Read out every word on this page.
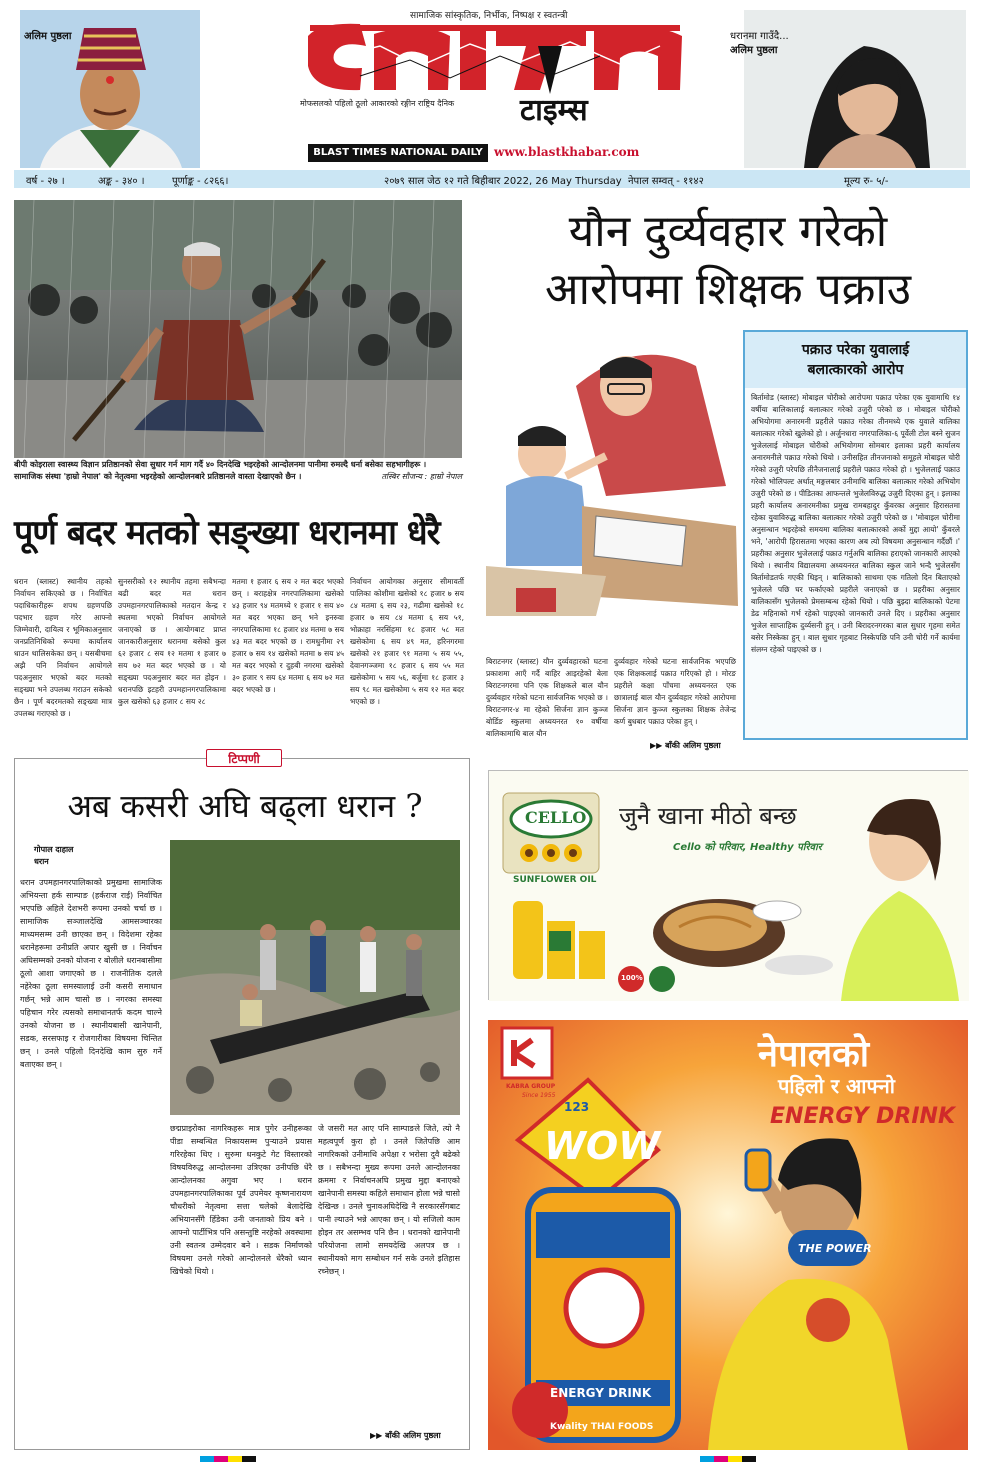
अलिम पुष्ठला
सामाजिक सांस्कृतिक, निर्भीक, निष्पक्ष र स्वतन्त्री
मोफसलको पहिलो ठूलो आकारको रङ्गीन राष्ट्रिय दैनिक टाइम्स
BLAST TIMES NATIONAL DAILY www.blastkhabar.com
धरानमा गाउँदै...
अलिम पुष्ठला
वर्ष - २७ ।	अङ्क - ३४० ।	पूर्णाङ्क - ८२६६।	२०७९ साल जेठ १२ गते बिहीबार 2022, 26 May Thursday नेपाल सम्वत् - ११४२	मूल्य रु- ५/-
बीपी कोइराला स्वास्थ्य विज्ञान प्रतिष्ठानको सेवा सुधार गर्न माग गर्दै ४० दिनदेखि भइरहेको आन्दोलनमा पानीमा रुमल्दै धर्ना बसेका सहभागीहरू ।
सामाजिक संस्था 'हाम्रो नेपाल' को नेतृत्वमा भइरहेको आन्दोलनबारे प्रतिष्ठानले वास्ता देखाएको छैन ।	तस्बिर सौजन्य : हाम्रो नेपाल
यौन दुर्व्यवहार गरेको
आरोपमा शिक्षक पक्राउ
पक्राउ परेका युवालाई
बलात्कारको आरोप
बिर्तामोड (ब्लास्ट) मोबाइल चोरीको आरोपमा पक्राउ परेका एक युवामाथि १४ वर्षीया बालिकालाई बलात्कार गरेको उजुरी परेको छ । मोबाइल चोरीको अभियोगमा अनारमनी प्रहरीले पक्राउ गरेका तीनमध्ये एक युवाले बालिका बलात्कार गरेको खुलेको हो । अर्जुनधारा नगरपालिका-६ पूर्वेली टोल बस्ने सुजन भुजेललाई मोबाइल चोरीको अभियोगमा सोमबार इलाका प्रहरी कार्यालय अनारमनीले पक्राउ गरेको थियो । उनीसहित तीनजनाको समूहले मोबाइल चोरी गरेको उजुरी परेपछि तीनैजनालाई प्रहरीले पक्राउ गरेको हो । भुजेललाई पक्राउ गरेको भोलिपल्ट अर्थात् मङ्गलबार उनीमाथि बालिका बलात्कार गरेको अभियोग उजुरी परेको छ । पीडितका आफन्तले भुजेलविरुद्ध उजुरी दिएका हुन् । इलाका प्रहरी कार्यालय अनारमनीका प्रमुख रामबहादुर कुँवरका अनुसार हिरासतमा रहेका युवाविरुद्ध बालिका बलात्कार गरेको उजुरी परेको छ । 'मोबाइल चोरीमा अनुसन्धान भइरहेको समयमा बालिका बलात्कारको अर्को मुद्दा आयो' कुँवरले भने, 'आरोपी हिरासतमा भएका कारण अब त्यो विषयमा अनुसन्धान गर्दैछौं ।' प्रहरीका अनुसार भुजेललाई पक्राउ गर्नुअघि बालिका हराएको जानकारी आएको थियो । स्थानीय विद्यालयमा अध्ययनरत बालिका स्कुल जाने भन्दै भुजेलसँग बिर्तामोडतर्फ गएकी थिइन् । बालिकाको साथमा एक गतिलो दिन बिताएको भुजेलले पछि घर फर्काएको प्रहरीले जनाएको छ । प्रहरीका अनुसार बालिकासँग भुजेलको प्रेमसम्बन्ध रहेको थियो । पछि बुझ्दा बालिकाको पेटमा डेढ महिनाको गर्भ रहेको पाइएको जानकारी उनले दिए । प्रहरीका अनुसार भुजेल साप्ताहिक दुर्व्यसनी हुन् । उनी बिरादरनगरका बाल सुधार गृहमा समेत बसेर निस्केका हुन् । बाल सुधार गृहबाट निस्केपछि पनि उनी चोरी गर्ने कार्यमा संलग्न रहेको पाइएको छ ।
पूर्ण बदर मतको सङ्ख्या धरानमा धेरै
धरान (ब्लास्ट) स्थानीय तहको निर्वाचन सकिएको छ । निर्वाचित पदाधिकारीहरू शपथ ग्रहणपछि पदभार ग्रहण गरेर आफ्नो जिम्मेवारी, दायित्व र भूमिकाअनुसार जनप्रतिनिधिको रूपमा कार्यालय धाउन थालिसकेका छन् । यसबीचमा अझै पनि निर्वाचन आयोगले पदअनुसार भएको बदर मतको सङ्ख्या भने उपलब्ध गराउन सकेको छैन । पूर्ण बदरमतको सङ्ख्या मात्र उपलब्ध गराएको छ ।
सुनसरीको १२ स्थानीय तहमा सबैभन्दा बढी बदर मत धरान उपमहानगरपालिकाको मतदान केन्द्र र स्थलमा भएको निर्वाचन आयोगले जनाएको छ । आयोगबाट प्राप्त जानकारीअनुसार धरानमा बसेको कुल ६२ हजार ८ सय १२ मतमा १ हजार ७ सय ७२ मत बदर भएको छ । यो सङ्ख्या पदअनुसार बदर मत होइन । धरानपछि इटहरी उपमहानगरपालिकामा कुल खसेको ६३ हजार ८ सय २८
मतमा १ हजार ६ सय २ मत बदर भएको छन् । बराहक्षेत्र नगरपालिकामा खसेको ४३ हजार ९४ मतमध्ये १ हजार १ सय ४० मत बदर भएका छन् भने इनरुवा नगरपालिकामा १८ हजार ४४ मतमा ७ सय ४३ मत बदर भएको छ । रामधुनीमा २९ हजार ७ सय १४ खसेको मतमा ७ सय ४५ मत बदर भएको र दुहबी नगरमा खसेको ३० हजार ९ सय ६४ मतमा ६ सय ७२ मत बदर भएको छ ।
निर्वाचन आयोगका अनुसार सीमावर्ती पालिका कोशीमा खसेको १८ हजार ७ सय ८४ मतमा ६ सय २३, गढीमा खसेको १८ हजार ७ सय ८४ मतमा ६ सय ५१, भोक्राहा नरसिंहमा १८ हजार ५८ मत खसेकोमा ६ सय ४९ मत, हरिनगरमा खसेको २१ हजार ९१ मतमा ५ सय ५५, देवानगञ्जमा १८ हजार ६ सय ५५ मत खसेकोमा ५ सय ५६, बर्जुमा १८ हजार ३ सय ९८ मत खसेकोमा ५ सय १२ मत बदर भएको छ ।
बिराटनगर (ब्लास्ट) यौन दुर्व्यवहारको घटना प्रकाशमा आएँ गर्दै बाहिर आइरहेको बेला बिराटनगरमा पनि एक शिक्षकले बाल यौन दुर्व्यवहार गरेको घटना सार्वजनिक भएको छ । बिराटनगर-४ मा रहेको सिर्जना ज्ञान कुञ्ज बोर्डिङ स्कुलमा अध्ययनरत १० वर्षीया बालिकामाथि बाल यौन
दुर्व्यवहार गरेको घटना सार्वजनिक भएपछि एक शिक्षकलाई पक्राउ गरिएको हो । मोरङ प्रहरीले कक्षा पाँचमा अध्ययनरत एक छात्रालाई बाल यौन दुर्व्यवहार गरेको आरोपमा सिर्जना ज्ञान कुञ्ज स्कुलका शिक्षक तेजेन्द्र कर्ण बुधबार पक्राउ परेका हुन् ।
▶▶ बाँकी अलिम पुष्ठला
टिप्पणी
अब कसरी अघि बढ्ला धरान ?
गोपाल दाहाल
धरान
धरान उपमहानगरपालिकाको प्रमुखमा सामाजिक अभियन्ता हर्क साम्पाङ (हर्कराज राई) निर्वाचित भएपछि अहिले देशभरी रूपमा उनको चर्चा छ । सामाजिक सञ्जालदेखि आमसञ्चारका माध्यमसम्म उनी छाएका छन् । विदेशमा रहेका धरानेहरूमा उनीप्रति अपार खुसी छ । निर्वाचन अघिसम्मको उनको योजना र बोलीले धरानबासीमा ठूलो आशा जगाएको छ । राजनीतिक दलले नहेरेका ठूला समस्यालाई उनी कसरी समाधान गर्छन् भन्ने आम चासो छ । नगरका समस्या पहिचान गरेर त्यसको समाधानतर्फ कदम चाल्ने उनको योजना छ । स्थानीयबासी खानेपानी, सडक, सरसफाइ र रोजगारीका विषयमा चिन्तित छन् । उनले पहिलो दिनदेखि काम सुरु गर्ने बताएका छन् ।
छद्मप्राइरोका नागरिकहरू मात्र पुगेर उनीहरूका पीडा सम्बन्धित निकायसम्म पुऱ्याउने प्रयास गरिरहेका थिए । सुरुमा धनकुटे गेट विस्तारको विषयविरुद्ध आन्दोलनमा उत्रिएका उनीपछि धेरै आन्दोलनका अगुवा भए । धरान उपमहानगरपालिकाका पूर्व उपमेयर कृष्णनारायण चौधरीको नेतृत्वमा सत्ता चलेको बेलादेखि अभियानसँगै हिँडेका उनी जनताको प्रिय बने । आफ्नो पार्टीभित्र पनि असन्तुष्टि नरहेको अवस्थामा उनी स्वतन्त्र उम्मेदवार बने । सडक निर्माणको विषयमा उनले गरेको आन्दोलनले धेरैको ध्यान खिचेको थियो ।
जे जसरी मत आए पनि साम्पाङले जिते, त्यो नै महत्वपूर्ण कुरा हो । उनले जितेपछि आम नागरिकको उनीमाथि अपेक्षा र भरोसा दुवै बढेको छ । सबैभन्दा मुख्य रूपमा उनले आन्दोलनका क्रममा र निर्वाचनअघि प्रमुख मुद्दा बनाएको खानेपानी समस्या कहिले समाधान होला भन्ने चासो देखिन्छ । उनले चुनावअघिदेखि नै सरकारसँगबाट पानी ल्याउने भन्ने आएका छन् । यो सजिलो काम होइन तर असम्भव पनि छैन । धरानको खानेपानी परियोजना लामो समयदेखि अलपत्र छ । स्थानीयको माग सम्बोधन गर्न सके उनले इतिहास रच्नेछन् ।
▶▶ बाँकी अलिम पुष्ठला
CELLO
SUNFLOWER OIL
जुनै खाना मीठो बन्छ
Cello को परिवार, Healthy परिवार
100%
KABRA GROUP
Since 1955
नेपालको
पहिलो र आफ्नो
ENERGY DRINK
WOW
123
ENERGY DRINK
THE POWER
Kwality THAI FOODS
